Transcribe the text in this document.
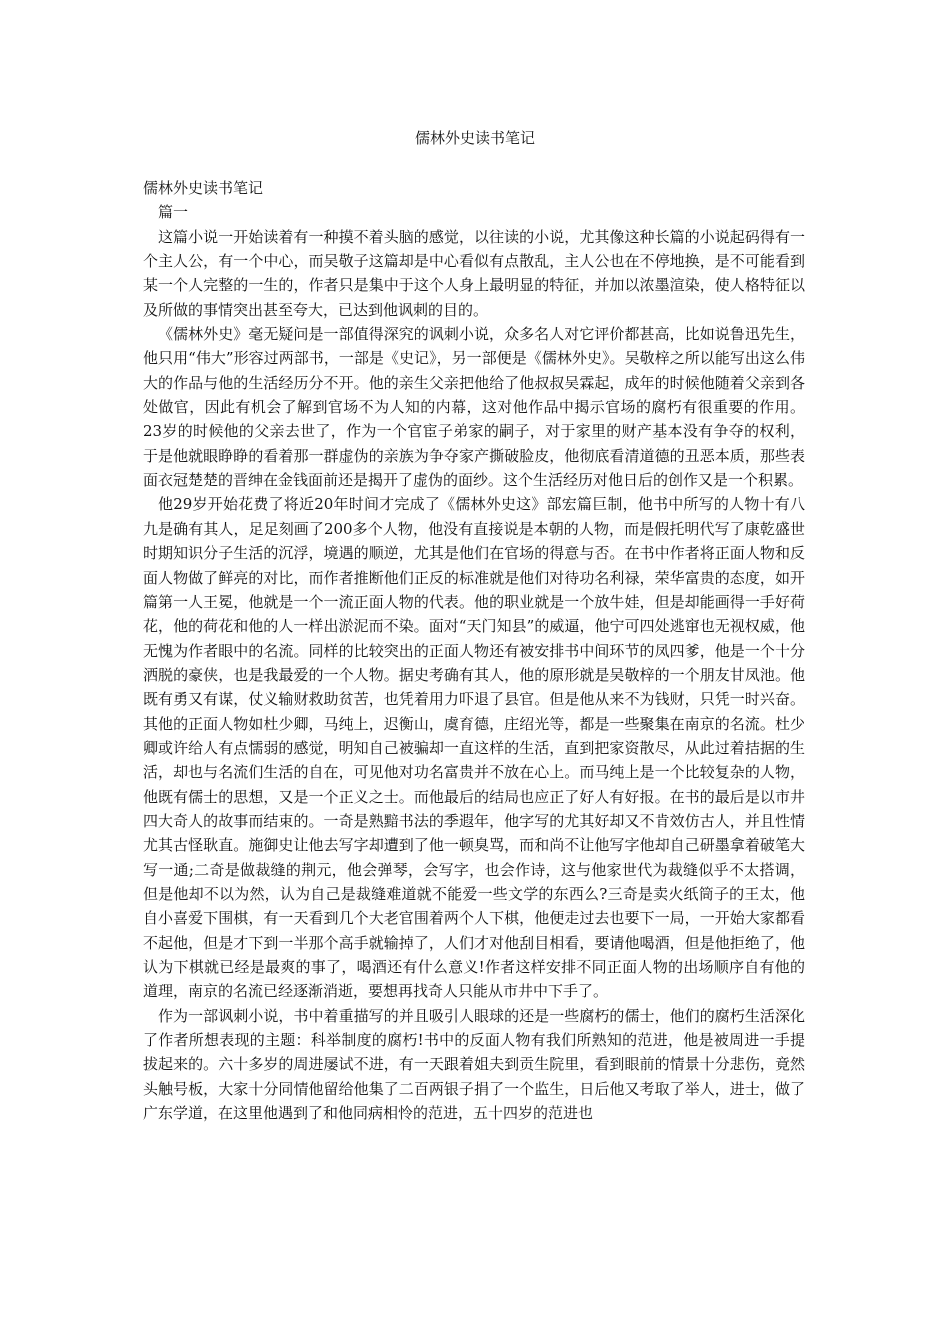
儒林外史读书笔记

儒林外史读书笔记

篇一

这篇小说一开始读着有一种摸不着头脑的感觉，以往读的小说，尤其像这种长篇的小说起码得有一个主人公，有一个中心，而吴敬子这篇却是中心看似有点散乱，主人公也在不停地换，是不可能看到某一个人完整的一生的，作者只是集中于这个人身上最明显的特征，并加以浓墨渲染，使人格特征以及所做的事情突出甚至夸大，已达到他讽刺的目的。

《儒林外史》毫无疑问是一部值得深究的讽刺小说，众多名人对它评价都甚高，比如说鲁迅先生，他只用“伟大”形容过两部书，一部是《史记》，另一部便是《儒林外史》。吴敬梓之所以能写出这么伟大的作品与他的生活经历分不开。他的亲生父亲把他给了他叔叔吴霖起，成年的时候他随着父亲到各处做官，因此有机会了解到官场不为人知的内幕，这对他作品中揭示官场的腐朽有很重要的作用。23岁的时候他的父亲去世了，作为一个官宦子弟家的嗣子，对于家里的财产基本没有争夺的权利，于是他就眼睁睁的看着那一群虚伪的亲族为争夺家产撕破脸皮，他彻底看清道德的丑恶本质，那些表面衣冠楚楚的晋绅在金钱面前还是揭开了虚伪的面纱。这个生活经历对他日后的创作又是一个积累。

他29岁开始花费了将近20年时间才完成了《儒林外史这》部宏篇巨制，他书中所写的人物十有八九是确有其人，足足刻画了200多个人物，他没有直接说是本朝的人物，而是假托明代写了康乾盛世时期知识分子生活的沉浮，境遇的顺逆，尤其是他们在官场的得意与否。在书中作者将正面人物和反面人物做了鲜亮的对比，而作者推断他们正反的标准就是他们对待功名利禄，荣华富贵的态度，如开篇第一人王冕，他就是一个一流正面人物的代表。他的职业就是一个放牛娃，但是却能画得一手好荷花，他的荷花和他的人一样出淤泥而不染。面对“天门知县”的威逼，他宁可四处逃窜也无视权威，他无愧为作者眼中的名流。同样的比较突出的正面人物还有被安排书中间环节的凤四爹，他是一个十分洒脱的豪侠，也是我最爱的一个人物。据史考确有其人，他的原形就是吴敬梓的一个朋友甘凤池。他既有勇又有谋，仗义输财救助贫苦，也凭着用力吓退了县官。但是他从来不为钱财，只凭一时兴奋。其他的正面人物如杜少卿，马纯上，迟衡山，虞育德，庄绍光等，都是一些聚集在南京的名流。杜少卿或许给人有点懦弱的感觉，明知自己被骗却一直这样的生活，直到把家资散尽，从此过着拮据的生活，却也与名流们生活的自在，可见他对功名富贵并不放在心上。而马纯上是一个比较复杂的人物，他既有儒士的思想，又是一个正义之士。而他最后的结局也应正了好人有好报。在书的最后是以市井四大奇人的故事而结束的。一奇是熟黯书法的季遐年，他字写的尤其好却又不肯效仿古人，并且性情尤其古怪耿直。施御史让他去写字却遭到了他一顿臭骂，而和尚不让他写字他却自己研墨拿着破笔大写一通;二奇是做裁缝的荆元，他会弹琴，会写字，也会作诗，这与他家世代为裁缝似乎不太搭调，但是他却不以为然，认为自己是裁缝难道就不能爱一些文学的东西么?三奇是卖火纸筒子的王太，他自小喜爱下围棋，有一天看到几个大老官围着两个人下棋，他便走过去也要下一局，一开始大家都看不起他，但是才下到一半那个高手就输掉了，人们才对他刮目相看，要请他喝酒，但是他拒绝了，他认为下棋就已经是最爽的事了，喝酒还有什么意义!作者这样安排不同正面人物的出场顺序自有他的道理，南京的名流已经逐渐消逝，要想再找奇人只能从市井中下手了。

作为一部讽刺小说，书中着重描写的并且吸引人眼球的还是一些腐朽的儒士，他们的腐朽生活深化了作者所想表现的主题：科举制度的腐朽!书中的反面人物有我们所熟知的范进，他是被周进一手提拔起来的。六十多岁的周进屡试不进，有一天跟着姐夫到贡生院里，看到眼前的情景十分悲伤，竟然头触号板，大家十分同情他留给他集了二百两银子捐了一个监生，日后他又考取了举人，进士，做了广东学道，在这里他遇到了和他同病相怜的范进，五十四岁的范进也
